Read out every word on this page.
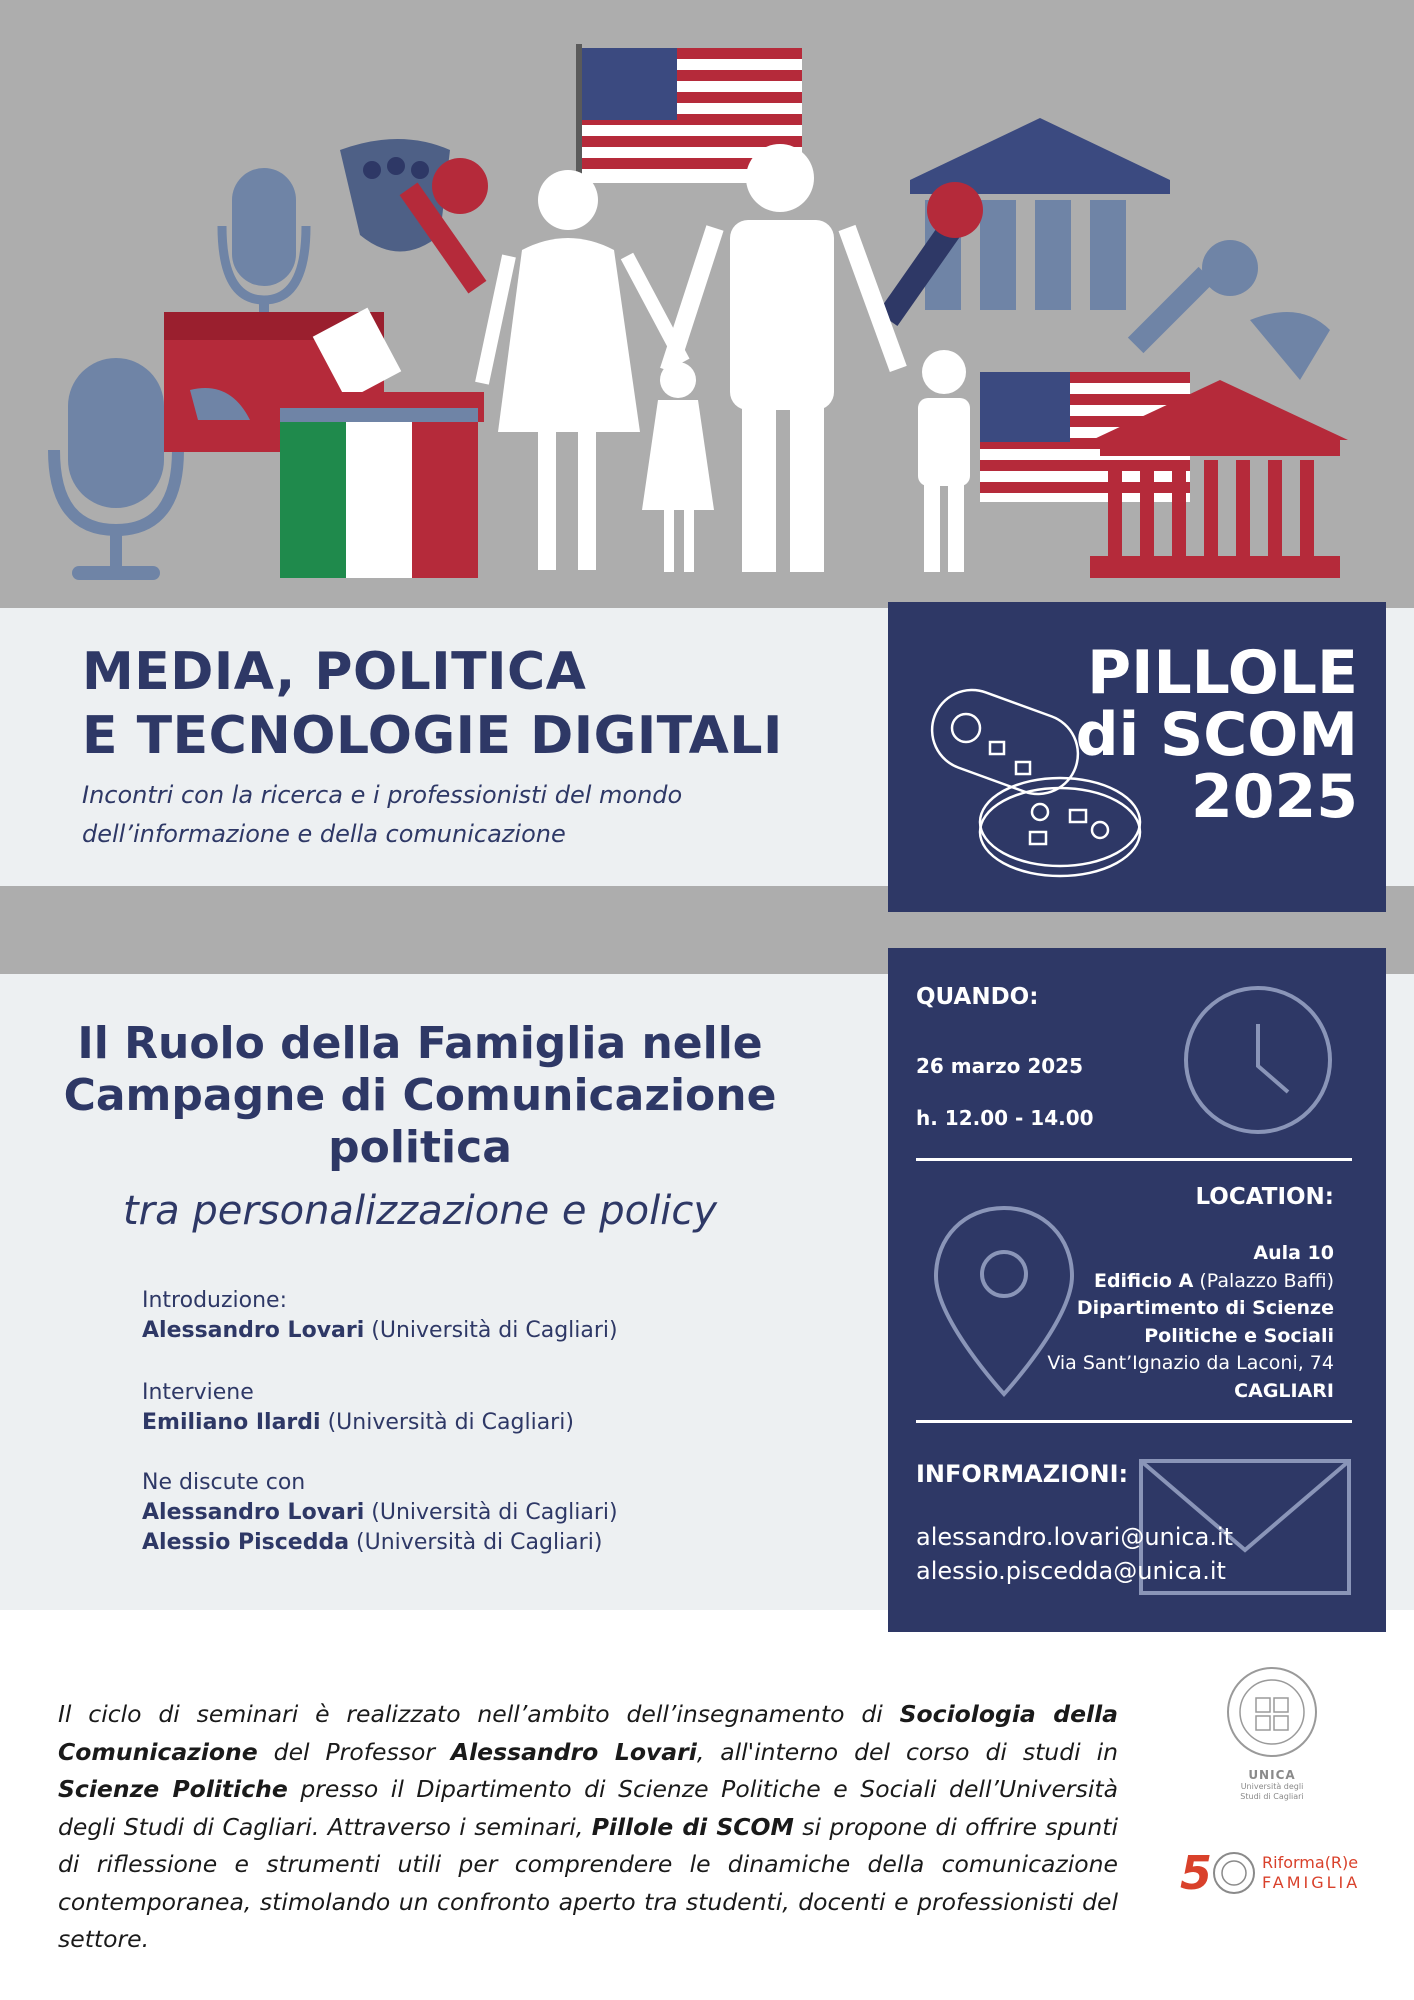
MEDIA, POLITICA
E TECNOLOGIE DIGITALI
Incontri con la ricerca e i professionisti del mondo
dell’informazione e della comunicazione
PILLOLE
di SCOM
2025
Il Ruolo della Famiglia nelle
Campagne di Comunicazione
politica
tra personalizzazione e policy
Introduzione:
Alessandro Lovari (Università di Cagliari)
Interviene
Emiliano Ilardi (Università di Cagliari)
Ne discute con
Alessandro Lovari (Università di Cagliari)
Alessio Piscedda (Università di Cagliari)
QUANDO:
26 marzo 2025
h. 12.00 - 14.00
LOCATION:
Aula 10
Edificio A (Palazzo Baffi)
Dipartimento di Scienze
Politiche e Sociali
Via Sant’Ignazio da Laconi, 74
CAGLIARI
INFORMAZIONI:
alessandro.lovari@unica.it
alessio.piscedda@unica.it
Il ciclo di seminari è realizzato nell’ambito dell’insegnamento di Sociologia della Comunicazione del Professor Alessandro Lovari, all'interno del corso di studi in Scienze Politiche presso il Dipartimento di Scienze Politiche e Sociali dell’Università degli Studi di Cagliari. Attraverso i seminari, Pillole di SCOM si propone di offrire spunti di riflessione e strumenti utili per comprendere le dinamiche della comunicazione contemporanea, stimolando un confronto aperto tra studenti, docenti e professionisti del settore.
UNICA
Università degli
Studi di Cagliari
5	Riforma(R)e
FAMIGLIA
